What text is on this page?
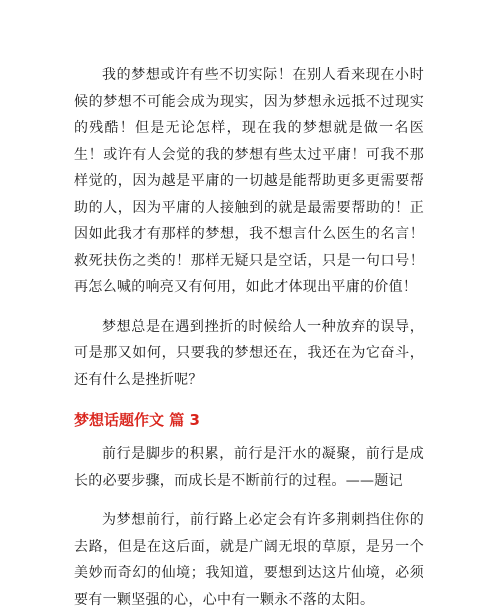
我的梦想或许有些不切实际！在别人看来现在小时候的梦想不可能会成为现实，因为梦想永远抵不过现实的残酷！但是无论怎样，现在我的梦想就是做一名医生！或许有人会觉的我的梦想有些太过平庸！可我不那样觉的，因为越是平庸的一切越是能帮助更多更需要帮助的人，因为平庸的人接触到的就是最需要帮助的！正因如此我才有那样的梦想，我不想言什么医生的名言！救死扶伤之类的！那样无疑只是空话，只是一句口号！再怎么喊的响亮又有何用，如此才体现出平庸的价值！

梦想总是在遇到挫折的时候给人一种放弃的误导，可是那又如何，只要我的梦想还在，我还在为它奋斗，还有什么是挫折呢？

梦想话题作文 篇 3

前行是脚步的积累，前行是汗水的凝聚，前行是成长的必要步骤，而成长是不断前行的过程。——题记

为梦想前行，前行路上必定会有许多荆刺挡住你的去路，但是在这后面，就是广阔无垠的草原，是另一个美妙而奇幻的仙境；我知道，要想到达这片仙境，必须要有一颗坚强的心，心中有一颗永不落的太阳。
